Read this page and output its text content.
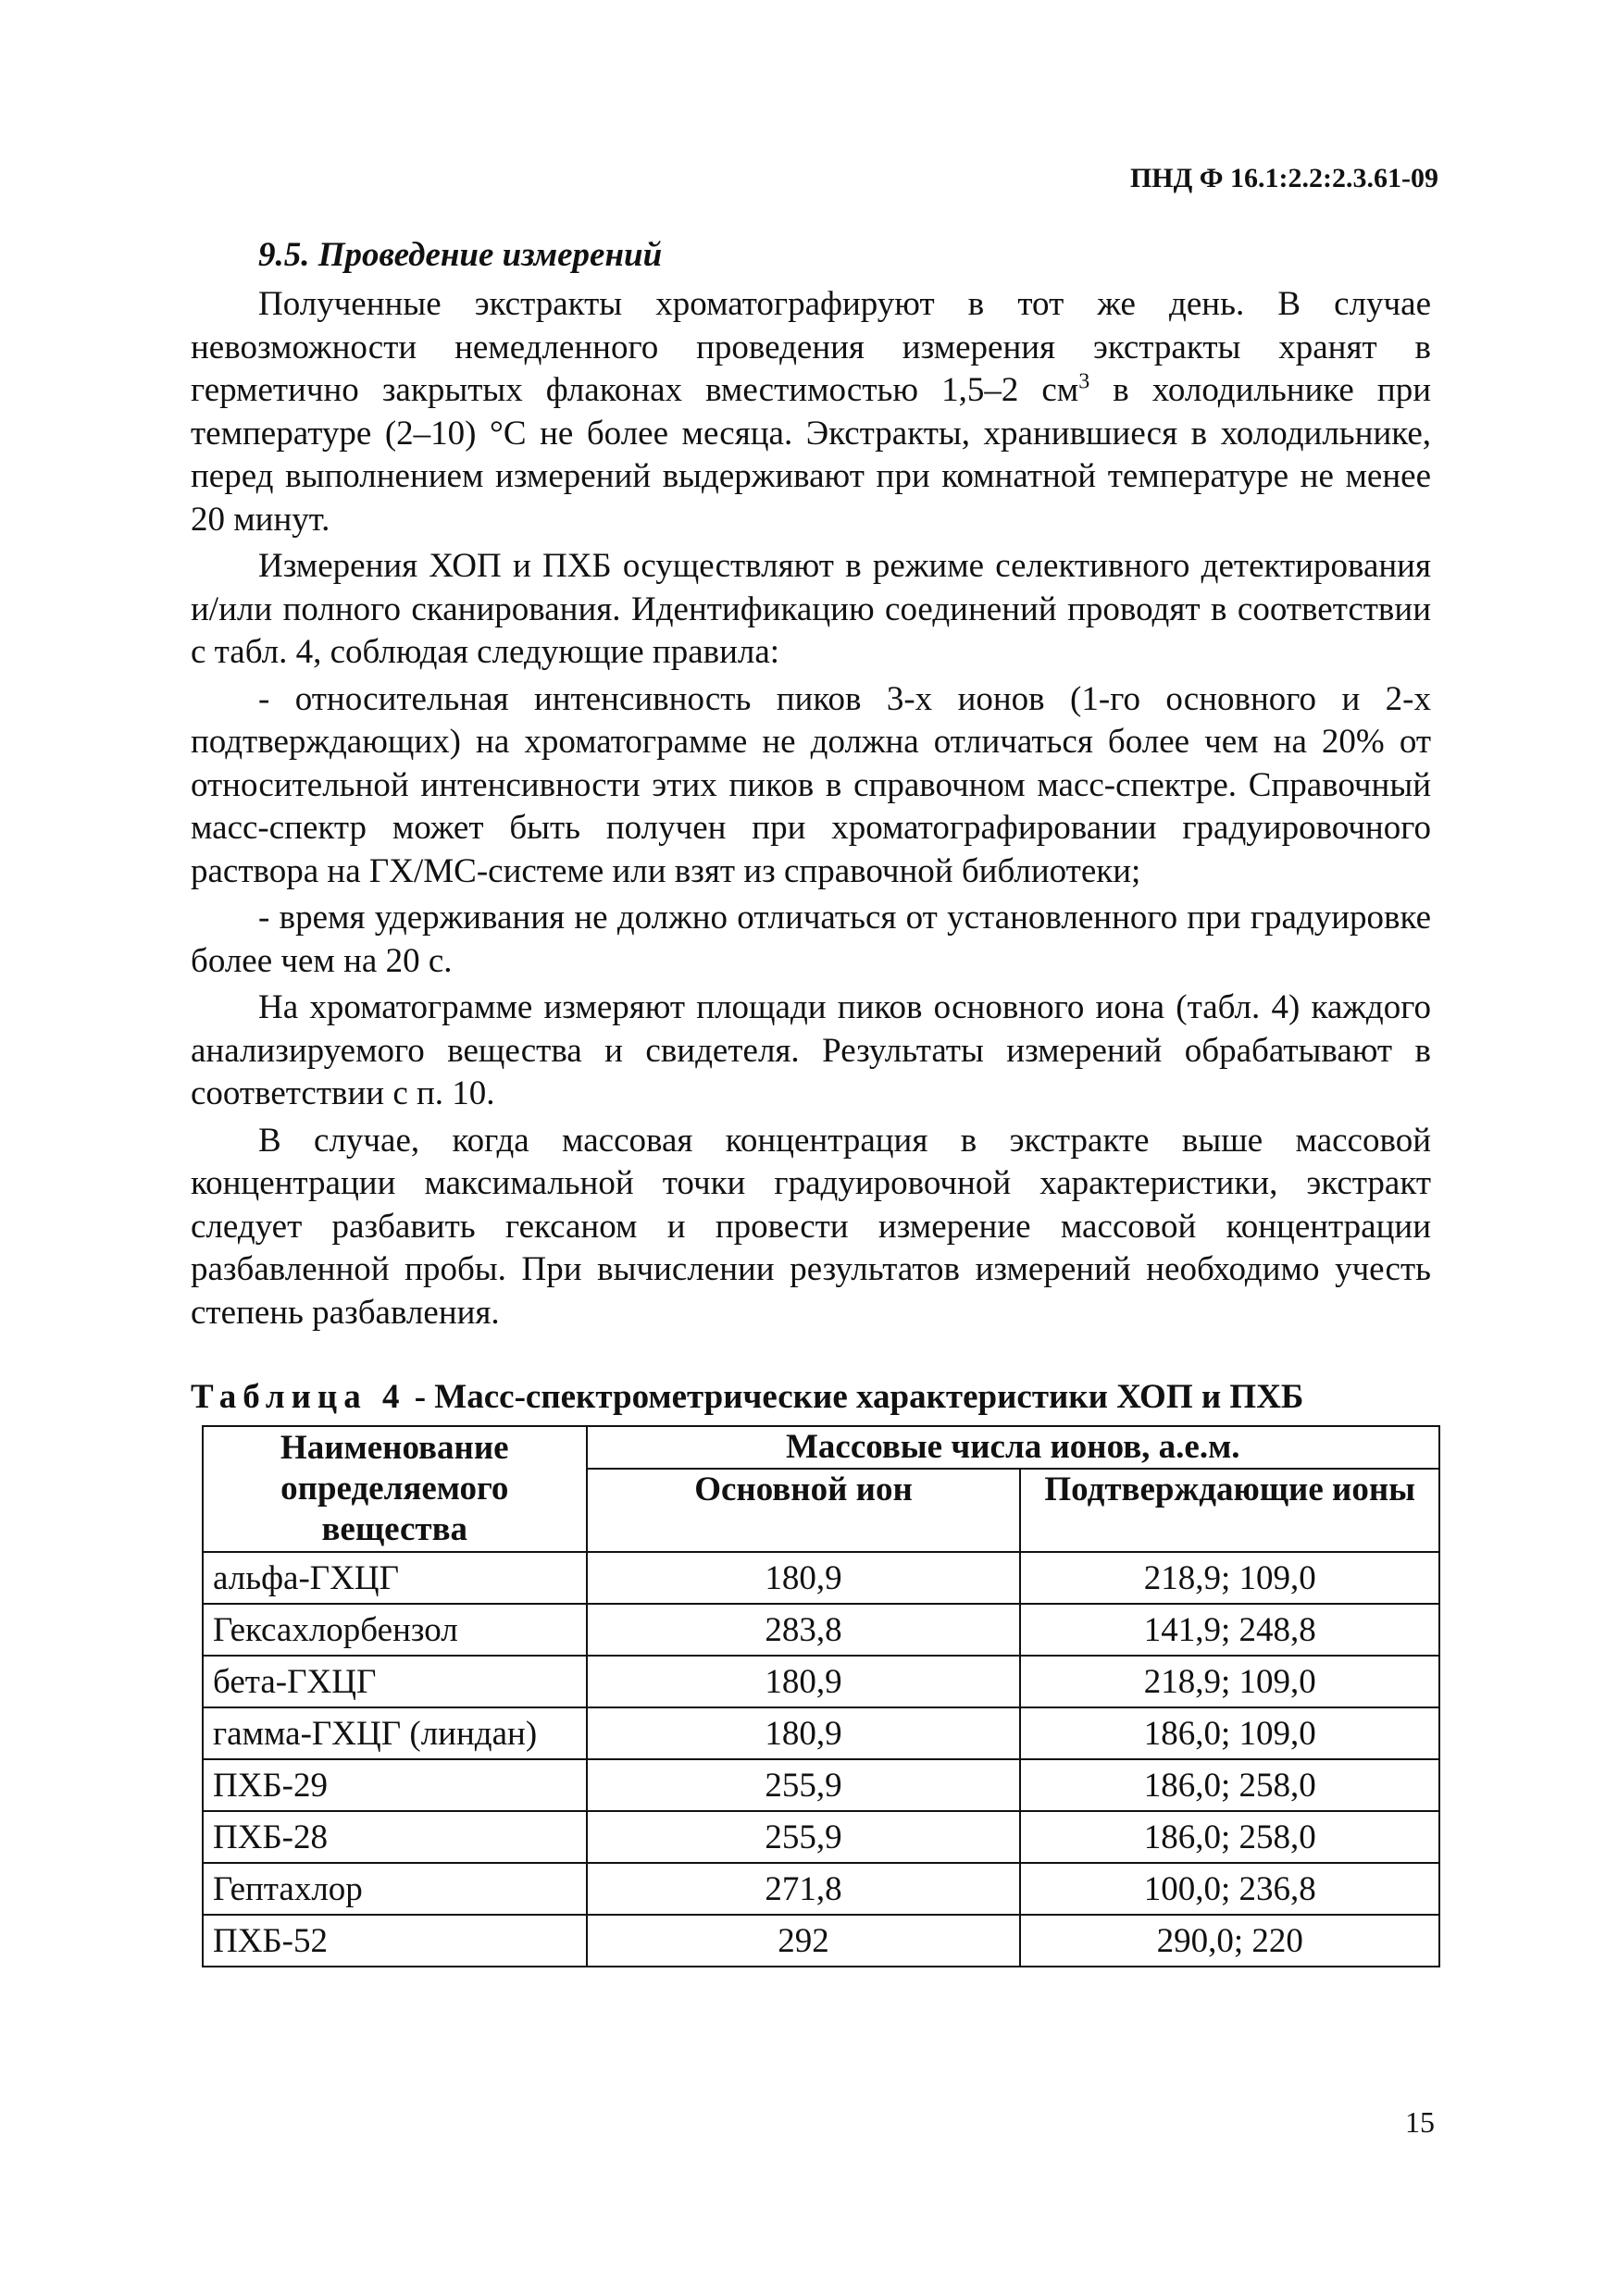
ПНД Ф 16.1:2.2:2.3.61-09
9.5. Проведение измерений

Полученные экстракты хроматографируют в тот же день. В случае невозможности немедленного проведения измерения экстракты хранят в герметично закрытых флаконах вместимостью 1,5–2 $см^3$ в холодильнике при температуре (2–10) °С не более месяца. Экстракты, хранившиеся в холодильнике, перед выполнением измерений выдерживают при комнатной температуре не менее 20 минут.

Измерения ХОП и ПХБ осуществляют в режиме селективного детектирования и/или полного сканирования. Идентификацию соединений проводят в соответствии с табл. 4, соблюдая следующие правила:

- относительная интенсивность пиков 3-х ионов (1-го основного и 2-х подтверждающих) на хроматограмме не должна отличаться более чем на 20% от относительной интенсивности этих пиков в справочном масс-спектре. Справочный масс-спектр может быть получен при хроматографировании градуировочного раствора на ГХ/МС-системе или взят из справочной библиотеки;

- время удерживания не должно отличаться от установленного при градуировке более чем на 20 с.

На хроматограмме измеряют площади пиков основного иона (табл. 4) каждого анализируемого вещества и свидетеля. Результаты измерений обрабатывают в соответствии с п. 10.

В случае, когда массовая концентрация в экстракте выше массовой концентрации максимальной точки градуировочной характеристики, экстракт следует разбавить гексаном и провести измерение массовой концентрации разбавленной пробы. При вычислении результатов измерений необходимо учесть степень разбавления.

Таблица 4 - Масс-спектрометрические характеристики ХОП и ПХБ
Наименование определяемого вещества	Массовые числа ионов, а.е.м.	
	Основной ион	Подтверждающие ионы
альфа-ГХЦГ	180,9	218,9; 109,0
Гексахлорбензол	283,8	141,9; 248,8
бета-ГХЦГ	180,9	218,9; 109,0
гамма-ГХЦГ (линдан)	180,9	186,0; 109,0
ПХБ-29	255,9	186,0; 258,0
ПХБ-28	255,9	186,0; 258,0
Гептахлор	271,8	100,0; 236,8
ПХБ-52	292	290,0; 220
15
